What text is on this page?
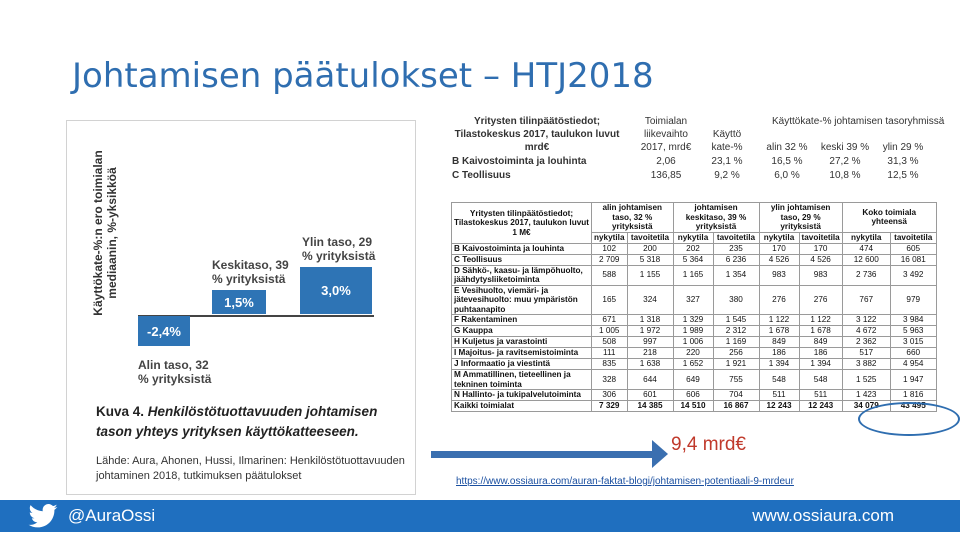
Johtamisen päätulokset – HTJ2018
Käyttökate-%:n ero toimialan mediaanin, %-yksikköä
-2,4%
Alin taso, 32 % yrityksistä
1,5%
Keskitaso, 39 % yrityksistä
3,0%
Ylin taso, 29 % yrityksistä
Kuva 4. Henkilöstötuottavuuden johtamisen tason yhteys yrityksen käyttökatteeseen.
Lähde: Aura, Ahonen, Hussi, Ilmarinen: Henkilöstötuottavuuden johtaminen 2018, tutkimuksen päätulokset
Yritysten tilinpäätöstiedot;	Toimialan	Käyttökate-% johtamisen tasoryhmissä
Tilastokeskus 2017, taulukon luvut	liikevaihto	Käyttö
mrd€	2017, mrd€	kate-%	alin 32 %	keski 39 %	ylin 29 %
B Kaivostoiminta ja louhinta	2,06	23,1 %	16,5 %	27,2 %	31,3 %
C Teollisuus	136,85	9,2 %	6,0 %	10,8 %	12,5 %
Yritysten tilinpäätöstiedot; Tilastokeskus 2017, taulukon luvut 1 M€	alin johtamisen taso, 32 % yrityksistä		johtamisen keskitaso, 39 % yrityksistä		ylin johtamisen taso, 29 % yrityksistä		Koko toimiala yhteensä	
	nykytila	tavoitetila	nykytila	tavoitetila	nykytila	tavoitetila	nykytila	tavoitetila
B Kaivostoiminta ja louhinta	102	200	202	235	170	170	474	605
C Teollisuus	2 709	5 318	5 364	6 236	4 526	4 526	12 600	16 081
D Sähkö-, kaasu- ja lämpöhuolto, jäähdytysliiketoiminta	588	1 155	1 165	1 354	983	983	2 736	3 492
E Vesihuolto, viemäri- ja jätevesihuolto: muu ympäristön puhtaanapito	165	324	327	380	276	276	767	979
F Rakentaminen	671	1 318	1 329	1 545	1 122	1 122	3 122	3 984
G Kauppa	1 005	1 972	1 989	2 312	1 678	1 678	4 672	5 963
H Kuljetus ja varastointi	508	997	1 006	1 169	849	849	2 362	3 015
I Majoitus- ja ravitsemistoiminta	111	218	220	256	186	186	517	660
J Informaatio ja viestintä	835	1 638	1 652	1 921	1 394	1 394	3 882	4 954
M Ammatillinen, tieteellinen ja tekninen toiminta	328	644	649	755	548	548	1 525	1 947
N Hallinto- ja tukipalvelutoiminta	306	601	606	704	511	511	1 423	1 816
Kaikki toimialat	7 329	14 385	14 510	16 867	12 243	12 243	34 079	43 495
9,4 mrd€
https://www.ossiaura.com/auran-faktat-blogi/johtamisen-potentiaali-9-mrdeur
@AuraOssi	www.ossiaura.com
